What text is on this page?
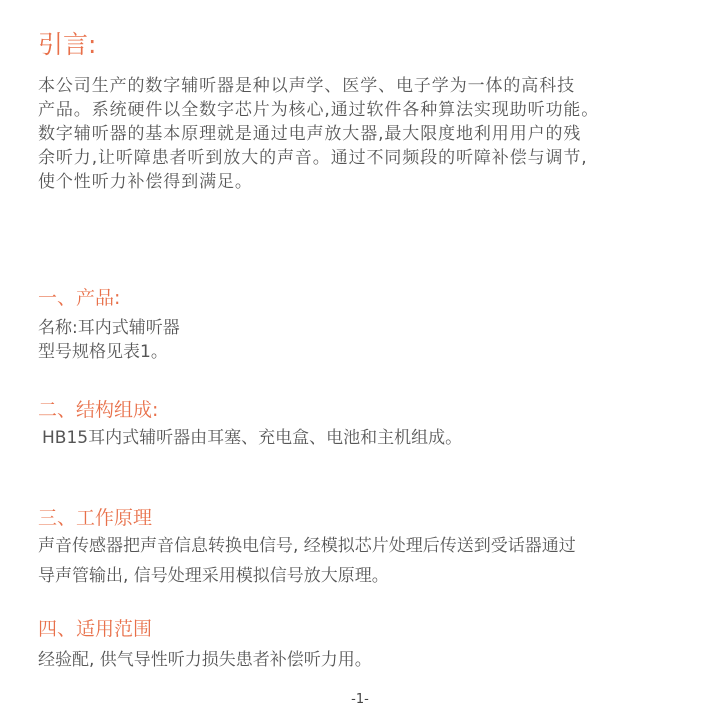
引言:
本公司生产的数字辅听器是种以声学、医学、电子学为一体的高科技
产品。系统硬件以全数字芯片为核心,通过软件各种算法实现助听功能。
数字辅听器的基本原理就是通过电声放大器,最大限度地利用用户的残
余听力,让听障患者听到放大的声音。通过不同频段的听障补偿与调节,
使个性听力补偿得到满足。
一、产品:
名称:耳内式辅听器
型号规格见表1。
二、结构组成:
HB15耳内式辅听器由耳塞、充电盒、电池和主机组成。
三、工作原理
声音传感器把声音信息转换电信号, 经模拟芯片处理后传送到受话器通过
导声管输出, 信号处理采用模拟信号放大原理。
四、适用范围
经验配, 供气导性听力损失患者补偿听力用。
-1-
